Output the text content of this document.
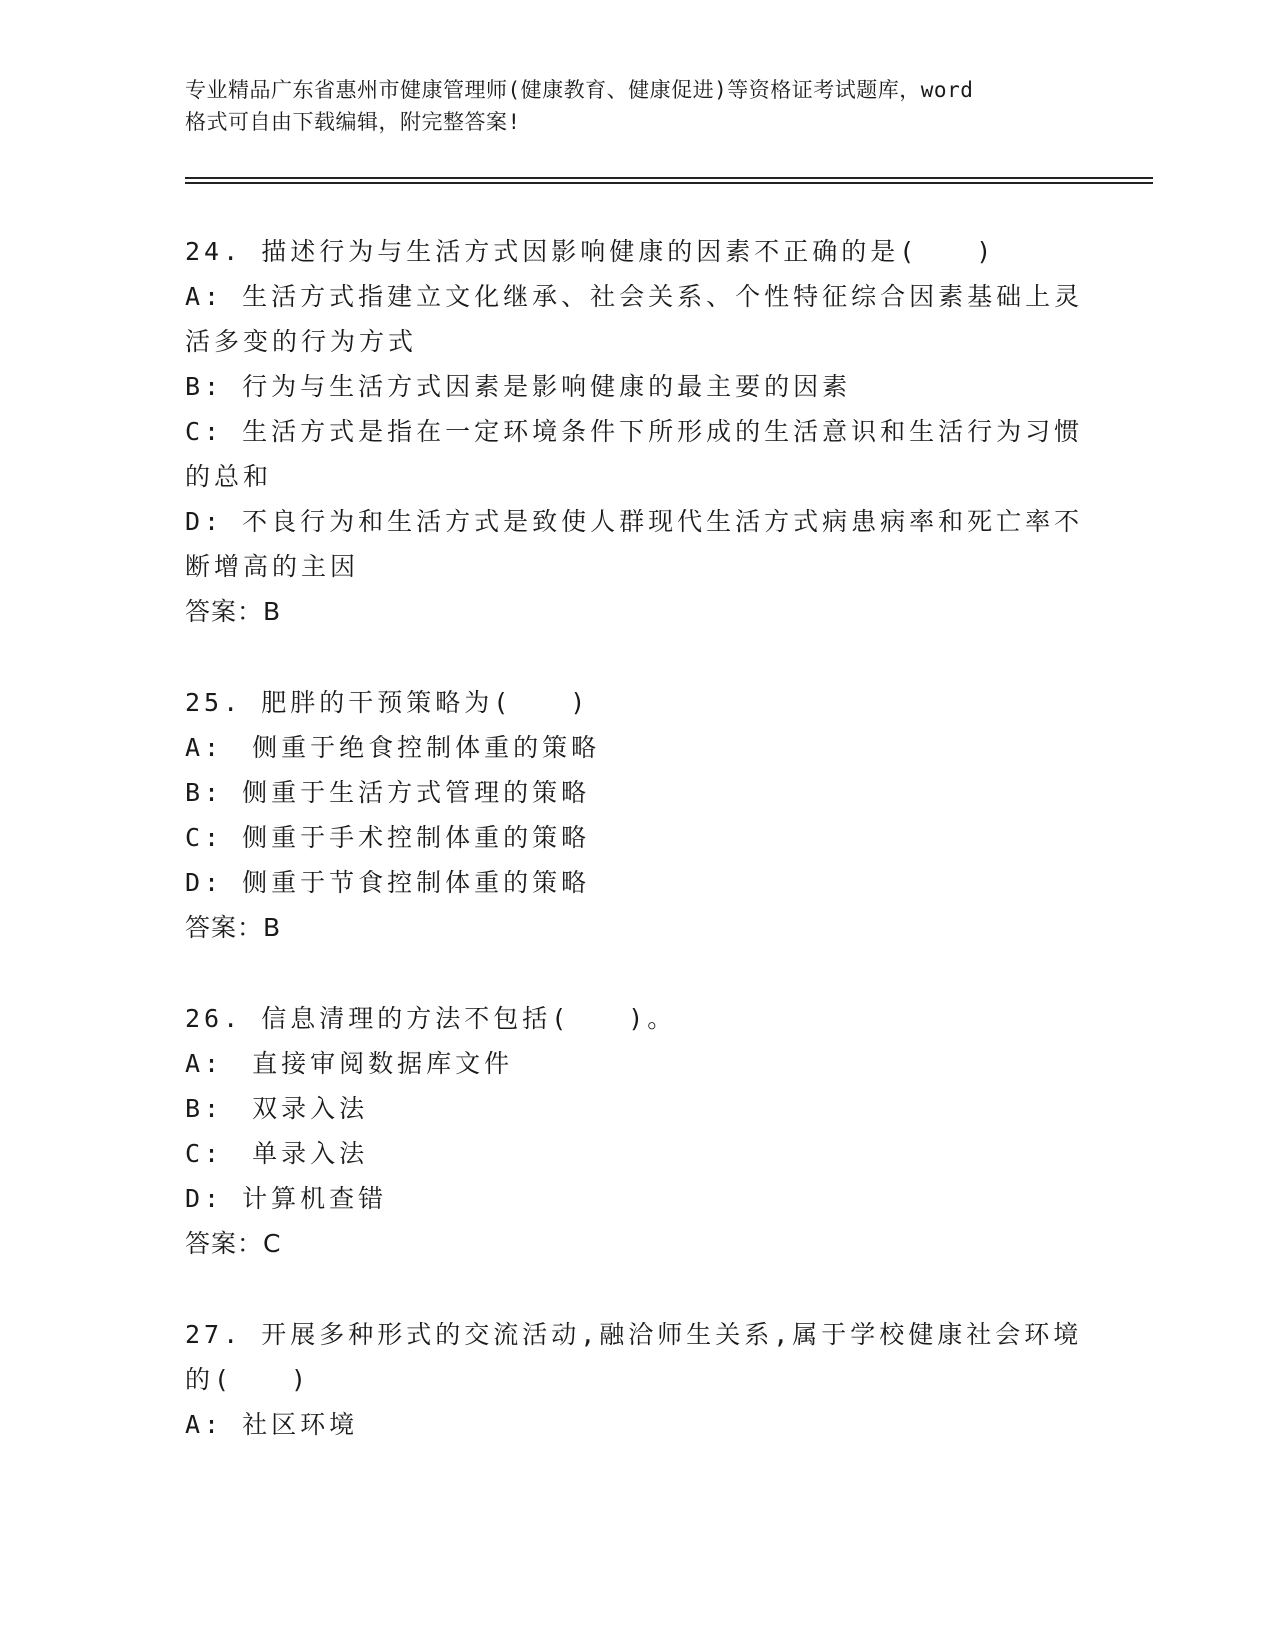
专业精品广东省惠州市健康管理师(健康教育、健康促进)等资格证考试题库，word
格式可自由下载编辑，附完整答案!

24. 描述行为与生活方式因影响健康的因素不正确的是(　　)

A: 生活方式指建立文化继承、社会关系、个性特征综合因素基础上灵活多变的行为方式

B: 行为与生活方式因素是影响健康的最主要的因素

C: 生活方式是指在一定环境条件下所形成的生活意识和生活行为习惯的总和

D: 不良行为和生活方式是致使人群现代生活方式病患病率和死亡率不断增高的主因

答案：B

25. 肥胖的干预策略为(　　)

A:　侧重于绝食控制体重的策略

B: 侧重于生活方式管理的策略

C: 侧重于手术控制体重的策略

D: 侧重于节食控制体重的策略

答案：B

26. 信息清理的方法不包括(　　)。

A:　直接审阅数据库文件

B:　双录入法

C:　单录入法

D: 计算机查错

答案：C

27. 开展多种形式的交流活动,融洽师生关系,属于学校健康社会环境的(　　)

A: 社区环境
